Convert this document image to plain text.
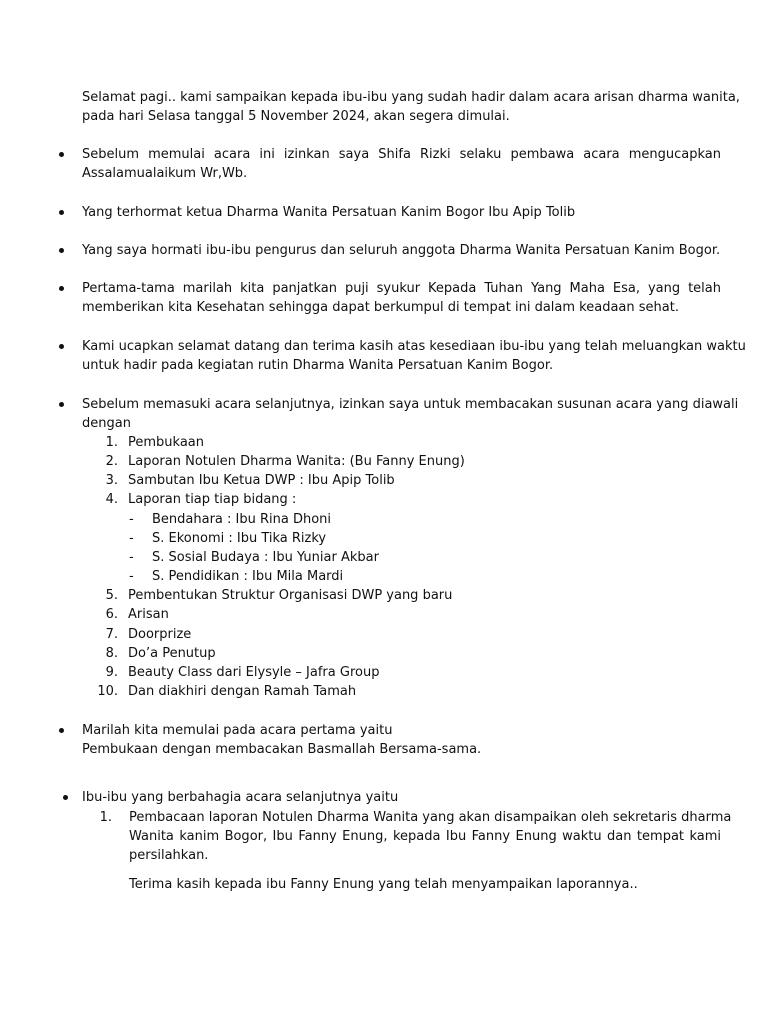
Selamat pagi.. kami sampaikan kepada ibu-ibu yang sudah hadir dalam acara arisan dharma wanita,
pada hari Selasa tanggal 5 November 2024, akan segera dimulai.
Sebelum memulai acara ini izinkan saya Shifa Rizki selaku pembawa acara mengucapkan
Assalamualaikum Wr,Wb.
Yang terhormat ketua Dharma Wanita Persatuan Kanim Bogor Ibu Apip Tolib
Yang saya hormati ibu-ibu pengurus dan seluruh anggota Dharma Wanita Persatuan Kanim Bogor.
Pertama-tama marilah kita panjatkan puji syukur Kepada Tuhan Yang Maha Esa, yang telah
memberikan kita Kesehatan sehingga dapat berkumpul di tempat ini dalam keadaan sehat.
Kami ucapkan selamat datang dan terima kasih atas kesediaan ibu-ibu yang telah meluangkan waktu
untuk hadir pada kegiatan rutin Dharma Wanita Persatuan Kanim Bogor.
Sebelum memasuki acara selanjutnya, izinkan saya untuk membacakan susunan acara yang diawali
dengan
1. Pembukaan
2. Laporan Notulen Dharma Wanita: (Bu Fanny Enung)
3. Sambutan Ibu Ketua DWP : Ibu Apip Tolib
4. Laporan tiap tiap bidang :
- Bendahara : Ibu Rina Dhoni
- S. Ekonomi : Ibu Tika Rizky
- S. Sosial Budaya : Ibu Yuniar Akbar
- S. Pendidikan : Ibu Mila Mardi
5. Pembentukan Struktur Organisasi DWP yang baru
6. Arisan
7. Doorprize
8. Do’a Penutup
9. Beauty Class dari Elysyle – Jafra Group
10. Dan diakhiri dengan Ramah Tamah
Marilah kita memulai pada acara pertama yaitu
Pembukaan dengan membacakan Basmallah Bersama-sama.
Ibu-ibu yang berbahagia acara selanjutnya yaitu
1. Pembacaan laporan Notulen Dharma Wanita yang akan disampaikan oleh sekretaris dharma
Wanita kanim Bogor, Ibu Fanny Enung, kepada Ibu Fanny Enung waktu dan tempat kami
persilahkan.
Terima kasih kepada ibu Fanny Enung yang telah menyampaikan laporannya..
